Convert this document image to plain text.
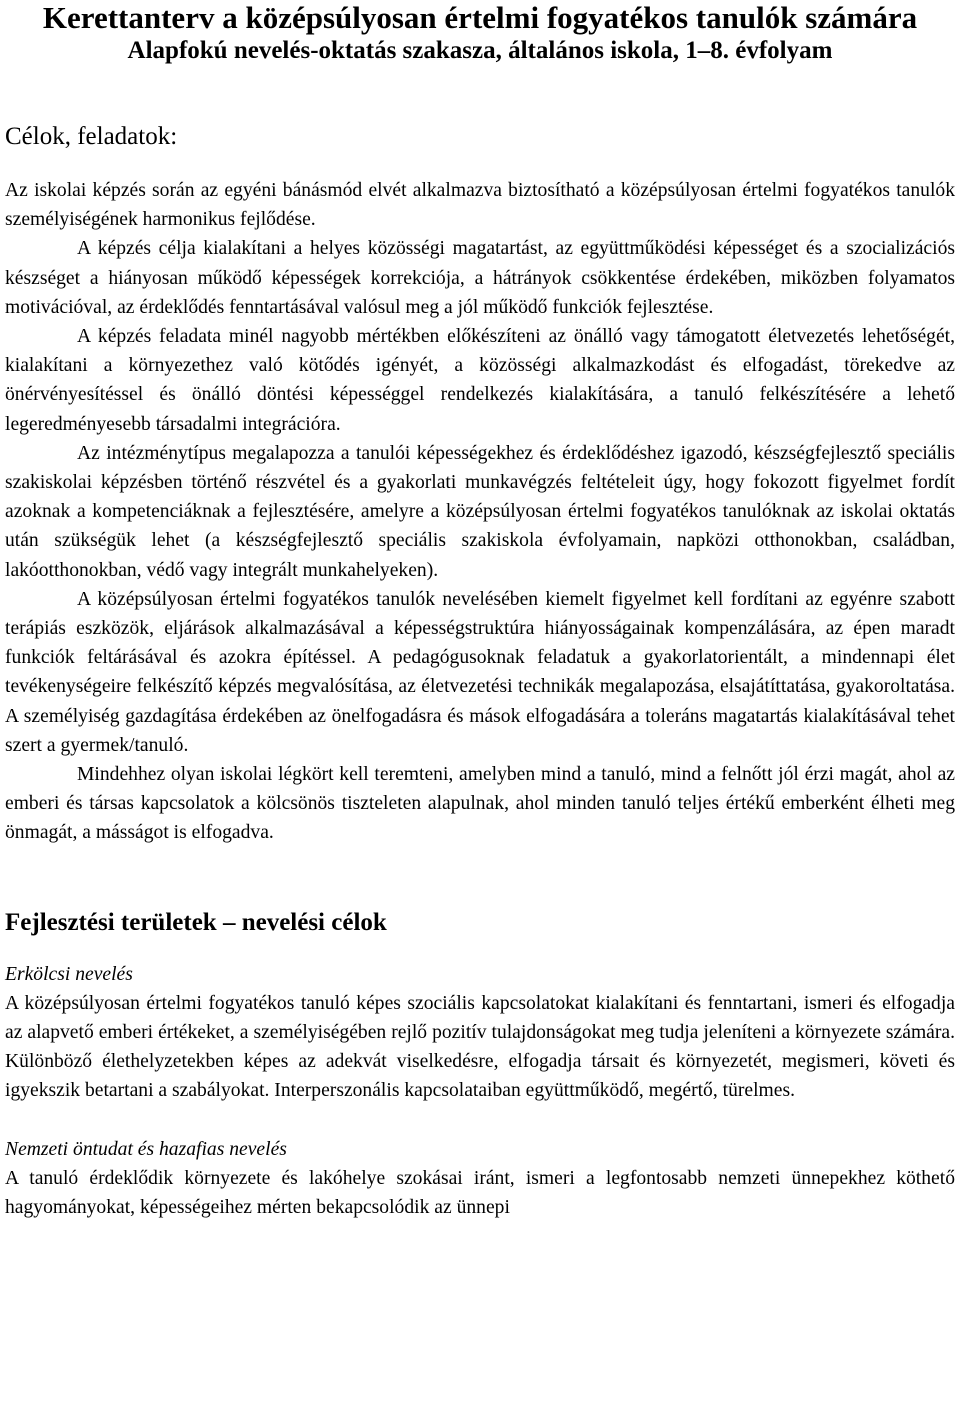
Kerettanterv a középsúlyosan értelmi fogyatékos tanulók számára
Alapfokú nevelés-oktatás szakasza, általános iskola, 1–8. évfolyam
Célok, feladatok:

Az iskolai képzés során az egyéni bánásmód elvét alkalmazva biztosítható a középsúlyosan értelmi fogyatékos tanulók személyiségének harmonikus fejlődése.

A képzés célja kialakítani a helyes közösségi magatartást, az együttműködési képességet és a szocializációs készséget a hiányosan működő képességek korrekciója, a hátrányok csökkentése érdekében, miközben folyamatos motivációval, az érdeklődés fenntartásával valósul meg a jól működő funkciók fejlesztése.

A képzés feladata minél nagyobb mértékben előkészíteni az önálló vagy támogatott életvezetés lehetőségét, kialakítani a környezethez való kötődés igényét, a közösségi alkalmazkodást és elfogadást, törekedve az önérvényesítéssel és önálló döntési képességgel rendelkezés kialakítására, a tanuló felkészítésére a lehető legeredményesebb társadalmi integrációra.

Az intézménytípus megalapozza a tanulói képességekhez és érdeklődéshez igazodó, készségfejlesztő speciális szakiskolai képzésben történő részvétel és a gyakorlati munkavégzés feltételeit úgy, hogy fokozott figyelmet fordít azoknak a kompetenciáknak a fejlesztésére, amelyre a középsúlyosan értelmi fogyatékos tanulóknak az iskolai oktatás után szükségük lehet (a készségfejlesztő speciális szakiskola évfolyamain, napközi otthonokban, családban, lakóotthonokban, védő vagy integrált munkahelyeken).

A középsúlyosan értelmi fogyatékos tanulók nevelésében kiemelt figyelmet kell fordítani az egyénre szabott terápiás eszközök, eljárások alkalmazásával a képességstruktúra hiányosságainak kompenzálására, az épen maradt funkciók feltárásával és azokra építéssel. A pedagógusoknak feladatuk a gyakorlatorientált, a mindennapi élet tevékenységeire felkészítő képzés megvalósítása, az életvezetési technikák megalapozása, elsajátíttatása, gyakoroltatása. A személyiség gazdagítása érdekében az önelfogadásra és mások elfogadására a toleráns magatartás kialakításával tehet szert a gyermek/tanuló.

Mindehhez olyan iskolai légkört kell teremteni, amelyben mind a tanuló, mind a felnőtt jól érzi magát, ahol az emberi és társas kapcsolatok a kölcsönös tiszteleten alapulnak, ahol minden tanuló teljes értékű emberként élheti meg önmagát, a másságot is elfogadva.

Fejlesztési területek – nevelési célok
Erkölcsi nevelés

A középsúlyosan értelmi fogyatékos tanuló képes szociális kapcsolatokat kialakítani és fenntartani, ismeri és elfogadja az alapvető emberi értékeket, a személyiségében rejlő pozitív tulajdonságokat meg tudja jeleníteni a környezete számára. Különböző élethelyzetekben képes az adekvát viselkedésre, elfogadja társait és környezetét, megismeri, követi és igyekszik betartani a szabályokat. Interperszonális kapcsolataiban együttműködő, megértő, türelmes.

Nemzeti öntudat és hazafias nevelés

A tanuló érdeklődik környezete és lakóhelye szokásai iránt, ismeri a legfontosabb nemzeti ünnepekhez köthető hagyományokat, képességeihez mérten bekapcsolódik az ünnepi
